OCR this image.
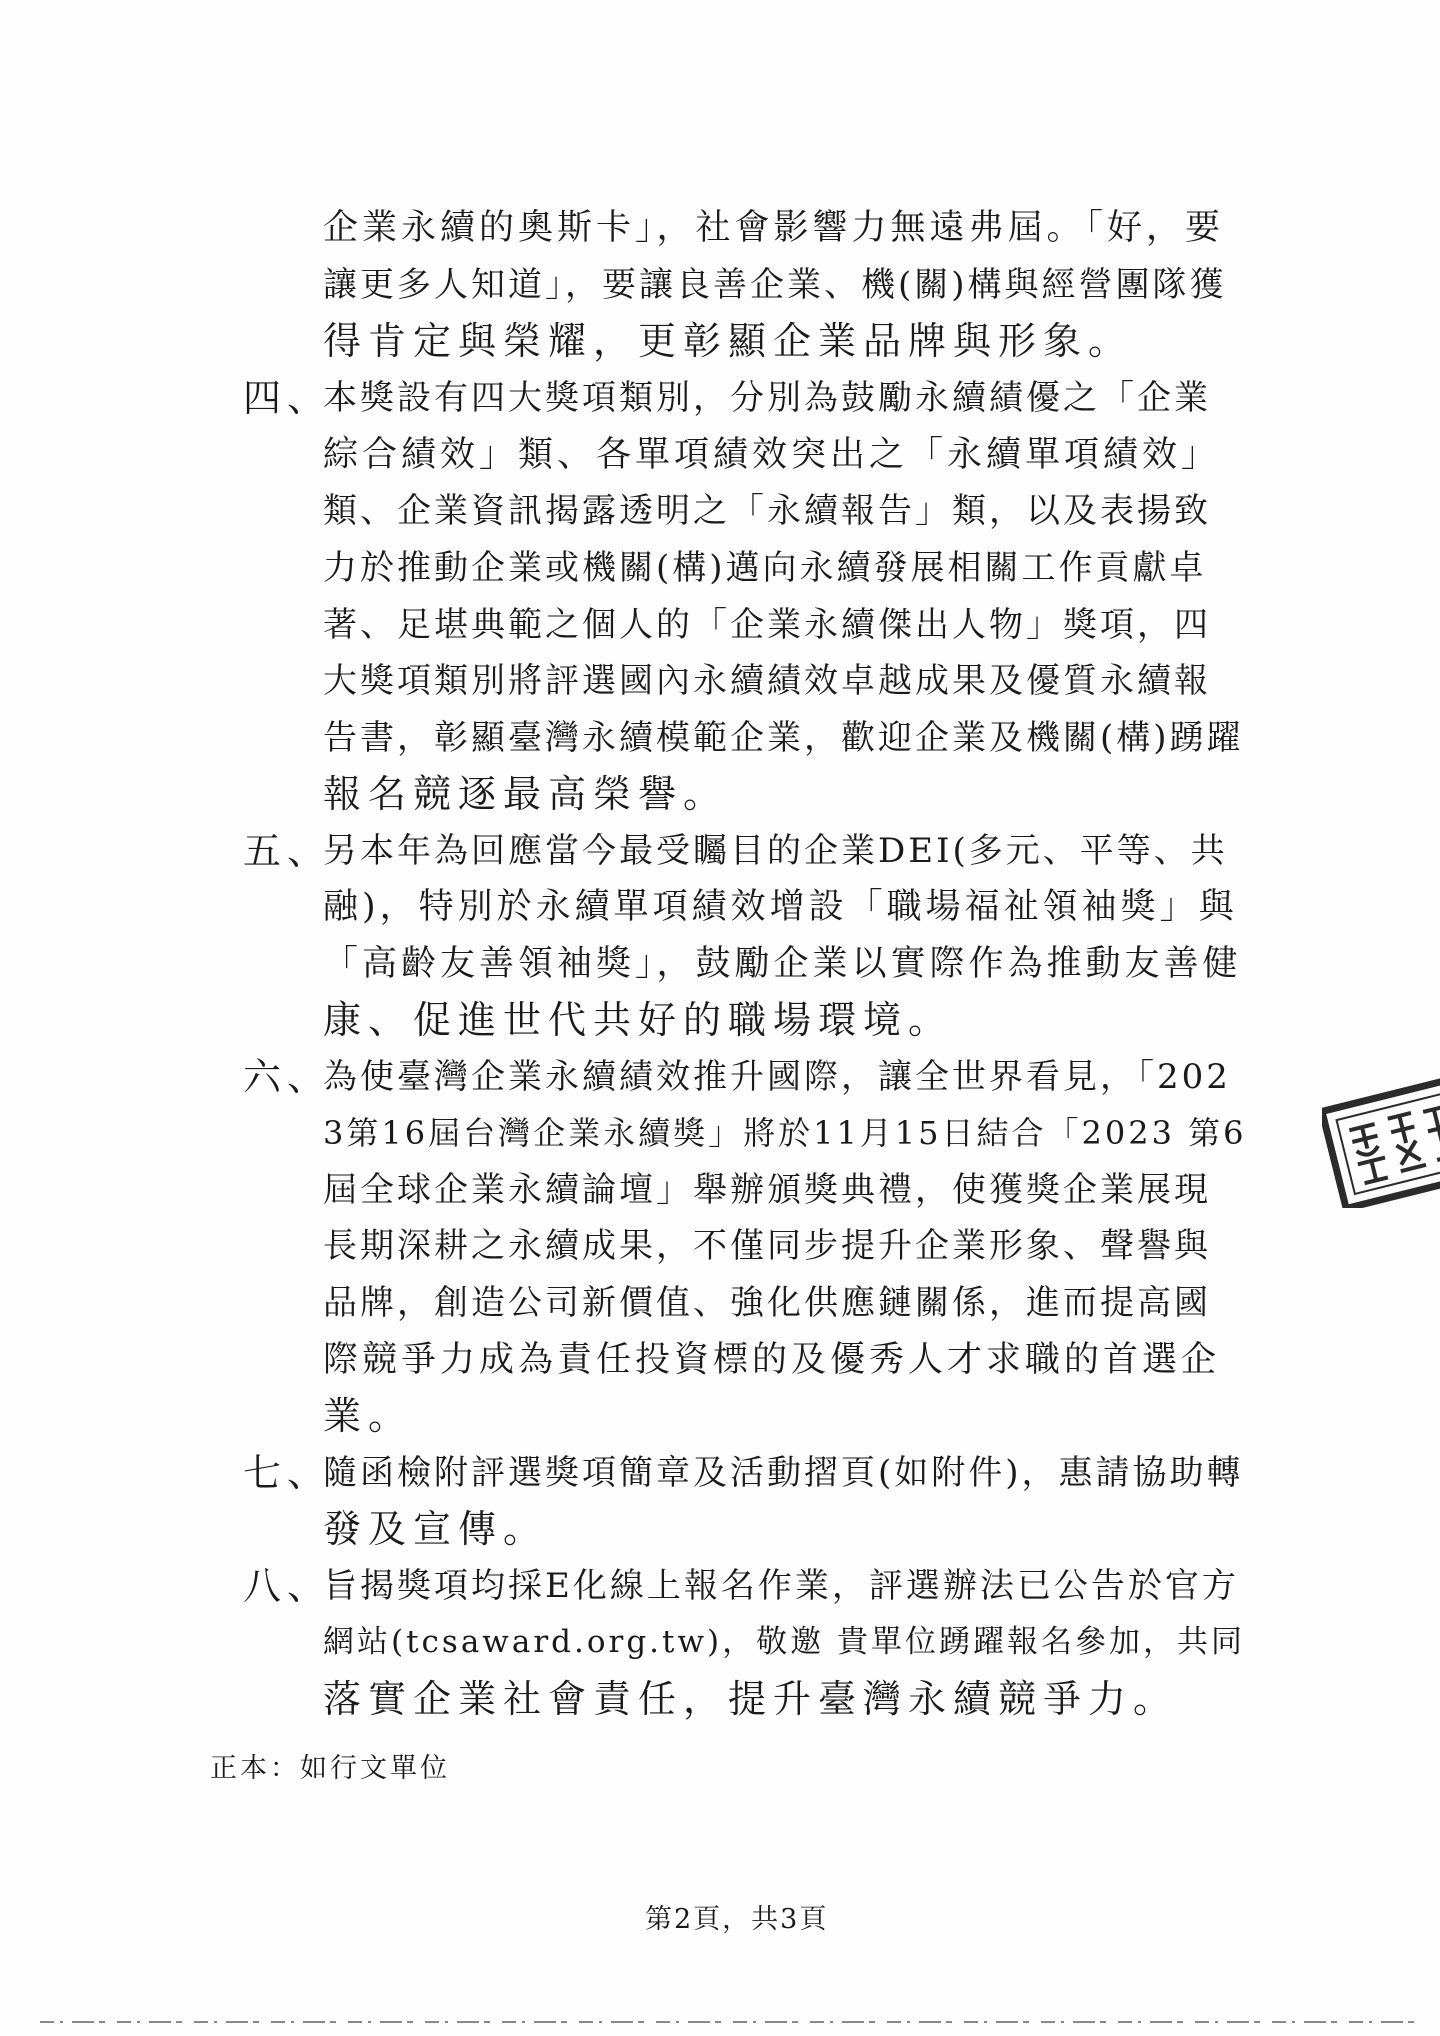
四、
五、
六、
七、
八、
企業永續的奧斯卡」，社會影響力無遠弗屆。「好，要
讓更多人知道」，要讓良善企業、機(關)構與經營團隊獲
得肯定與榮耀，更彰顯企業品牌與形象。
本獎設有四大獎項類別，分別為鼓勵永續績優之「企業
綜合績效」類、各單項績效突出之「永續單項績效」
類、企業資訊揭露透明之「永續報告」類，以及表揚致
力於推動企業或機關(構)邁向永續發展相關工作貢獻卓
著、足堪典範之個人的「企業永續傑出人物」獎項，四
大獎項類別將評選國內永續績效卓越成果及優質永續報
告書，彰顯臺灣永續模範企業，歡迎企業及機關(構)踴躍
報名競逐最高榮譽。
另本年為回應當今最受矚目的企業DEI(多元、平等、共
融)，特別於永續單項績效增設「職場福祉領袖獎」與
「高齡友善領袖獎」，鼓勵企業以實際作為推動友善健
康、促進世代共好的職場環境。
為使臺灣企業永續績效推升國際，讓全世界看見，「202
3第16屆台灣企業永續獎」將於11月15日結合「2023 第6
屆全球企業永續論壇」舉辦頒獎典禮，使獲獎企業展現
長期深耕之永續成果，不僅同步提升企業形象、聲譽與
品牌，創造公司新價值、強化供應鏈關係，進而提高國
際競爭力成為責任投資標的及優秀人才求職的首選企
業。
隨函檢附評選獎項簡章及活動摺頁(如附件)，惠請協助轉
發及宣傳。
旨揭獎項均採E化線上報名作業，評選辦法已公告於官方
網站(tcsaward.org.tw)，敬邀 貴單位踴躍報名參加，共同
落實企業社會責任，提升臺灣永續競爭力。
正本：如行文單位
第2頁，共3頁
